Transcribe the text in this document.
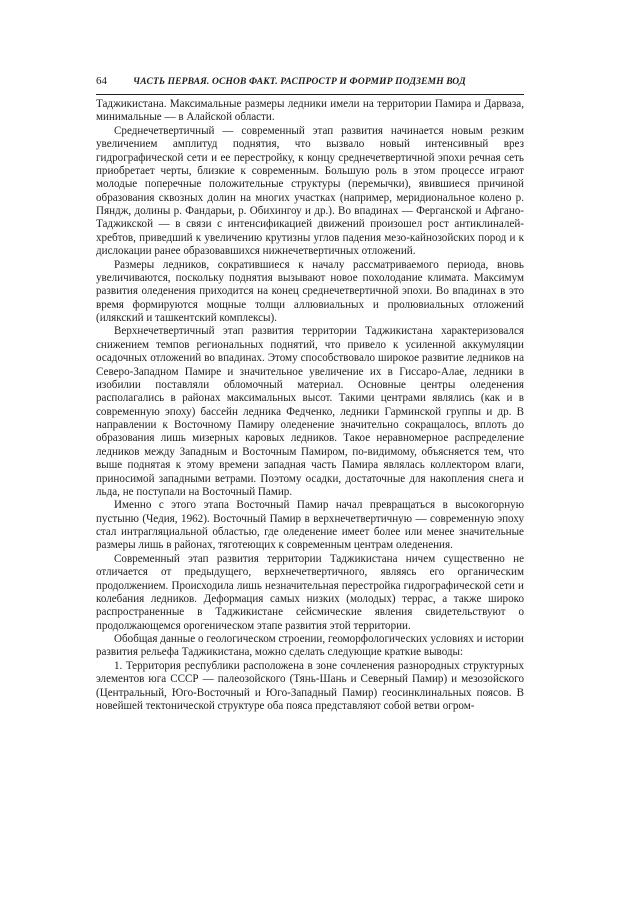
64	ЧАСТЬ ПЕРВАЯ. ОСНОВ ФАКТ. РАСПРОСТР И ФОРМИР ПОДЗЕМН ВОД

Таджикистана. Максимальные размеры ледники имели на территории Памира и Дарваза, минимальные — в Алайской области.

Среднечетвертичный — современный этап развития начинается новым резким увеличением амплитуд поднятия, что вызвало новый интенсивный врез гидрографической сети и ее перестройку, к концу среднечетвертичной эпохи речная сеть приобретает черты, близкие к современным. Большую роль в этом процессе играют молодые поперечные положительные структуры (перемычки), явившиеся причиной образования сквозных долин на многих участках (например, меридиональное колено р. Пяндж, долины р. Фандарьи, р. Обихингоу и др.). Во впадинах — Ферганской и Афгано-Таджикской — в связи с интенсификацией движений произошел рост антиклиналей-хребтов, приведший к увеличению крутизны углов падения мезо-кайнозойских пород и к дислокации ранее образовавшихся нижнечетвертичных отложений.

Размеры ледников, сократившиеся к началу рассматриваемого периода, вновь увеличиваются, поскольку поднятия вызывают новое похолодание климата. Максимум развития оледенения приходится на конец среднечетвертичной эпохи. Во впадинах в это время формируются мощные толщи аллювиальных и пролювиальных отложений (илякский и ташкентский комплексы).

Верхнечетвертичный этап развития территории Таджикистана характеризовался снижением темпов региональных поднятий, что привело к усиленной аккумуляции осадочных отложений во впадинах. Этому способствовало широкое развитие ледников на Северо-Западном Памире и значительное увеличение их в Гиссаро-Алае, ледники в изобилии поставляли обломочный материал. Основные центры оледенения располагались в районах максимальных высот. Такими центрами являлись (как и в современную эпоху) бассейн ледника Федченко, ледники Гарминской группы и др. В направлении к Восточному Памиру оледенение значительно сокращалось, вплоть до образования лишь мизерных каровых ледников. Такое неравномерное распределение ледников между Западным и Восточным Памиром, по-видимому, объясняется тем, что выше поднятая к этому времени западная часть Памира являлась коллектором влаги, приносимой западными ветрами. Поэтому осадки, достаточные для накопления снега и льда, не поступали на Восточный Памир.

Именно с этого этапа Восточный Памир начал превращаться в высокогорную пустыню (Чедия, 1962). Восточный Памир в верхнечетвертичную — современную эпоху стал интрагляциальной областью, где оледенение имеет более или менее значительные размеры лишь в районах, тяготеющих к современным центрам оледенения.

Современный этап развития территории Таджикистана ничем существенно не отличается от предыдущего, верхнечетвертичного, являясь его органическим продолжением. Происходила лишь незначительная перестройка гидрографической сети и колебания ледников. Деформация самых низких (молодых) террас, а также широко распространенные в Таджикистане сейсмические явления свидетельствуют о продолжающемся орогеническом этапе развития этой территории.

Обобщая данные о геологическом строении, геоморфологических условиях и истории развития рельефа Таджикистана, можно сделать следующие краткие выводы:

1. Территория республики расположена в зоне сочленения разнородных структурных элементов юга СССР — палеозойского (Тянь-Шань и Северный Памир) и мезозойского (Центральный, Юго-Восточный и Юго-Западный Памир) геосинклинальных поясов. В новейшей тектонической структуре оба пояса представляют собой ветви огром-
